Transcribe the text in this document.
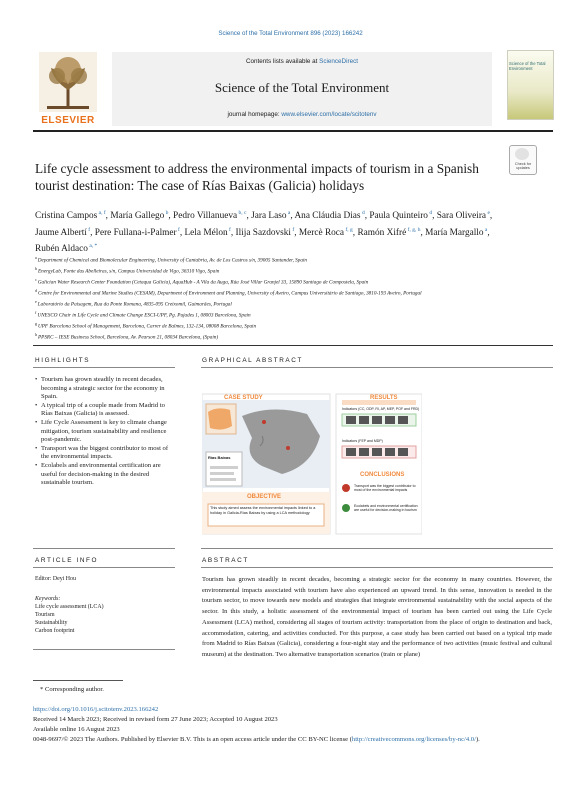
Science of the Total Environment 896 (2023) 166242
Contents lists available at ScienceDirect
Science of the Total Environment
journal homepage: www.elsevier.com/locate/scitotenv
ELSEVIER
Science of the Total Environment
Check for updates
Life cycle assessment to address the environmental impacts of tourism in a Spanish tourist destination: The case of Rías Baixas (Galicia) holidays
Cristina Campos $^{a, f}$, María Gallego $^b$, Pedro Villanueva $^{b, c}$, Jara Laso $^a$, Ana Cláudia Dias $^d$, Paula Quinteiro $^d$, Sara Oliveira $^e$, Jaume Albertí $^f$, Pere Fullana-i-Palmer $^f$, Lela Mélon $^f$, Ilija Sazdovski $^f$, Mercè Roca $^{f, g}$, Ramón Xifré $^{f, g, h}$, María Margallo $^a$, Rubén Aldaco $^{a, *}$
$^a$ Department of Chemical and Biomolecular Engineering, University of Cantabria, Av. de Los Castros s/n, 39005 Santander, Spain
$^b$ EnergyLab, Fonte das Abelleiras, s/n, Campus Universidad de Vigo, 36310 Vigo, Spain
$^c$ Galician Water Research Center Foundation (Cetaqua Galicia), AquaHub - A Vila da Auga, Rúa José Villar Granjel 33, 15890 Santiago de Compostela, Spain
$^d$ Centre for Environmental and Marine Studies (CESAM), Department of Environment and Planning, University of Aveiro, Campus Universitário de Santiago, 3810-193 Aveiro, Portugal
$^e$ Laboratório da Paisagem, Rua da Ponte Romana, 4835-095 Creixomil, Guimarães, Portugal
$^f$ UNESCO Chair in Life Cycle and Climate Change ESCI-UPF, Pg. Pujades 1, 08003 Barcelona, Spain
$^g$ UPF Barcelona School of Management, Barcelona, Carrer de Balmes, 132-134, 08008 Barcelona, Spain
$^h$ PPSRC – IESE Business School, Barcelona, Av. Pearson 21, 08034 Barcelona, (Spain)
HIGHLIGHTS
• Tourism has grown steadily in recent decades, becoming a strategic sector for the economy in Spain.
• A typical trip of a couple made from Madrid to Rías Baixas (Galicia) is assessed.
• Life Cycle Assessment is key to climate change mitigation, tourism sustainability and resilience post-pandemic.
• Transport was the biggest contributor to most of the environmental impacts.
• Ecolabels and environmental certification are useful for decision-making in the desired sustainable tourism.
GRAPHICAL ABSTRACT
CASE STUDY
Rías Baixas
OBJECTIVE
This study aimed assess the environmental impacts linked to a holiday in Galicia-Rías Baixas by using a LCA methodology
RESULTS
Indicators (CC, ODP, RI, AP, MEP, POF and FRD)
Indicators (FEP and MDP)
CONCLUSIONS
Transport was the biggest contributor to most of the environmental impacts
Ecolabels and environmental certification are useful for decision-making in tourism
ARTICLE INFO
Editor: Deyi Hou
Keywords:
Life cycle assessment (LCA)
Tourism
Sustainability
Carbon footprint
ABSTRACT
Tourism has grown steadily in recent decades, becoming a strategic sector for the economy in many countries. However, the environmental impacts associated with tourism have also experienced an upward trend. In this sense, innovation is needed in the tourism sector, to move towards new models and strategies that integrate environmental sustainability with the social aspects of the sector. In this study, a holistic assessment of the environmental impact of tourism has been carried out using the Life Cycle Assessment (LCA) method, considering all stages of tourism activity: transportation from the place of origin to destination and back, accommodation, catering, and activities conducted. For this purpose, a case study has been carried out based on a typical trip made from Madrid to Rías Baixas (Galicia), considering a four-night stay and the performance of two activities (music festival and cultural museum) at the destination. Two alternative transportation scenarios (train or plane)
* Corresponding author.
https://doi.org/10.1016/j.scitotenv.2023.166242
Received 14 March 2023; Received in revised form 27 June 2023; Accepted 10 August 2023
Available online 16 August 2023
0048-9697/© 2023 The Authors. Published by Elsevier B.V. This is an open access article under the CC BY-NC license (http://creativecommons.org/licenses/by-nc/4.0/).
